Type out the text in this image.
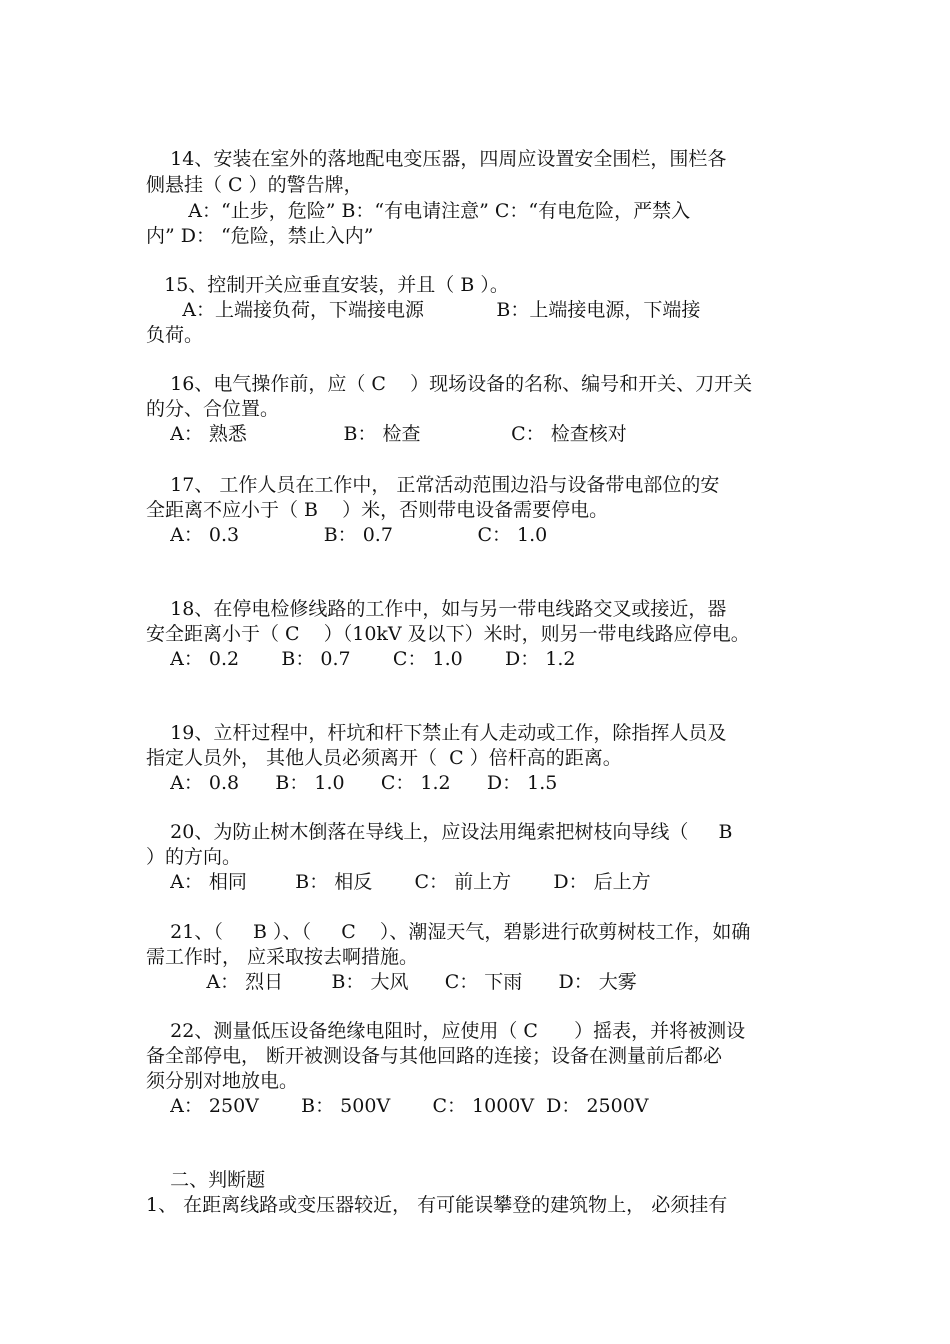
14、安装在室外的落地配电变压器，四周应设置安全围栏，围栏各
侧悬挂（ C ）的警告牌，
A：“止步，危险” B：“有电请注意” C：“有电危险，严禁入
内” D： “危险，禁止入内”
15、控制开关应垂直安装，并且（ B ）。
A：上端接负荷，下端接电源            B：上端接电源，下端接
负荷。
16、电气操作前，应（ C    ）现场设备的名称、编号和开关、刀开关
的分、合位置。
A： 熟悉                B： 检查               C： 检查核对
17、 工作人员在工作中， 正常活动范围边沿与设备带电部位的安
全距离不应小于（ B    ）米，否则带电设备需要停电。
A： 0.3              B： 0.7              C： 1.0
18、在停电检修线路的工作中，如与另一带电线路交叉或接近，器
安全距离小于（ C    ）（10kV 及以下）米时，则另一带电线路应停电。
A： 0.2       B： 0.7       C： 1.0       D： 1.2
19、立杆过程中，杆坑和杆下禁止有人走动或工作，除指挥人员及
指定人员外， 其他人员必须离开（  C ）倍杆高的距离。
A： 0.8      B： 1.0      C： 1.2      D： 1.5
20、为防止树木倒落在导线上，应设法用绳索把树枝向导线（     B
）的方向。
A： 相同        B： 相反       C： 前上方       D： 后上方
21、（     B ）、（     C    ）、潮湿天气，碧影进行砍剪树枝工作，如确
需工作时， 应采取按去啊措施。
A： 烈日        B： 大风      C： 下雨      D： 大雾
22、测量低压设备绝缘电阻时，应使用（ C      ）摇表，并将被测设
备全部停电， 断开被测设备与其他回路的连接；设备在测量前后都必
须分别对地放电。
A： 250V       B： 500V       C： 1000V  D： 2500V
二、判断题
1、 在距离线路或变压器较近， 有可能误攀登的建筑物上， 必须挂有
